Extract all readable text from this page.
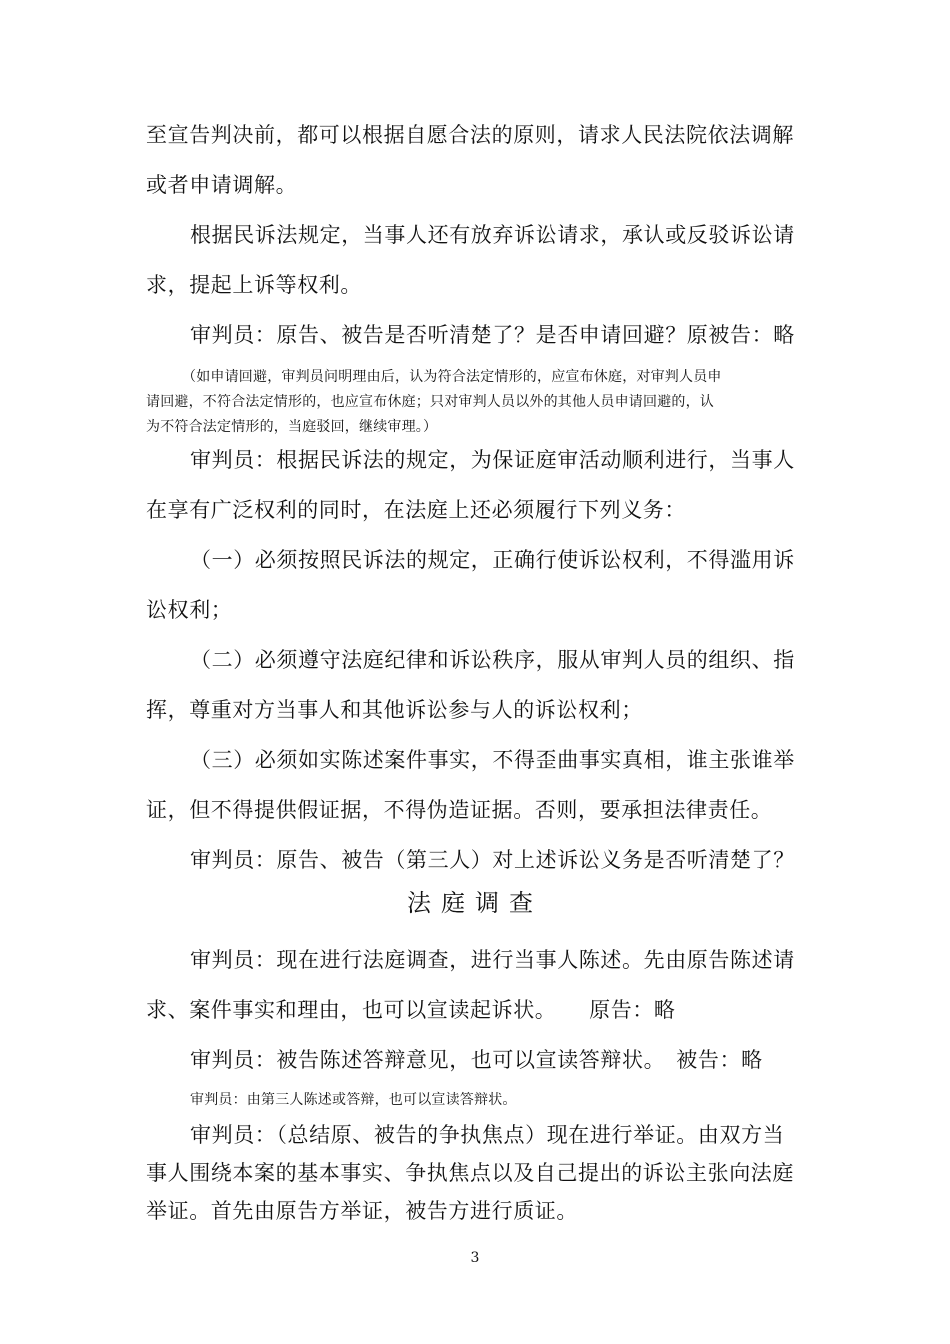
至宣告判决前，都可以根据自愿合法的原则，请求人民法院依法调解
或者申请调解。
根据民诉法规定，当事人还有放弃诉讼请求，承认或反驳诉讼请
求，提起上诉等权利。
审判员：原告、被告是否听清楚了？是否申请回避？原被告：略
（如申请回避，审判员问明理由后，认为符合法定情形的，应宣布休庭，对审判人员申
请回避，不符合法定情形的，也应宣布休庭；只对审判人员以外的其他人员申请回避的，认
为不符合法定情形的，当庭驳回，继续审理。）
审判员：根据民诉法的规定，为保证庭审活动顺利进行，当事人
在享有广泛权利的同时，在法庭上还必须履行下列义务：
（一）必须按照民诉法的规定，正确行使诉讼权利，不得滥用诉
讼权利；
（二）必须遵守法庭纪律和诉讼秩序，服从审判人员的组织、指
挥，尊重对方当事人和其他诉讼参与人的诉讼权利；
（三）必须如实陈述案件事实，不得歪曲事实真相，谁主张谁举
证，但不得提供假证据，不得伪造证据。否则，要承担法律责任。
审判员：原告、被告（第三人）对上述诉讼义务是否听清楚了？
法庭调查
审判员：现在进行法庭调查，进行当事人陈述。先由原告陈述请
求、案件事实和理由，也可以宣读起诉状。　　原告：略
审判员：被告陈述答辩意见，也可以宣读答辩状。　被告：略
审判员：由第三人陈述或答辩，也可以宣读答辩状。
审判员：（总结原、被告的争执焦点）现在进行举证。由双方当
事人围绕本案的基本事实、争执焦点以及自己提出的诉讼主张向法庭
举证。首先由原告方举证，被告方进行质证。
3
